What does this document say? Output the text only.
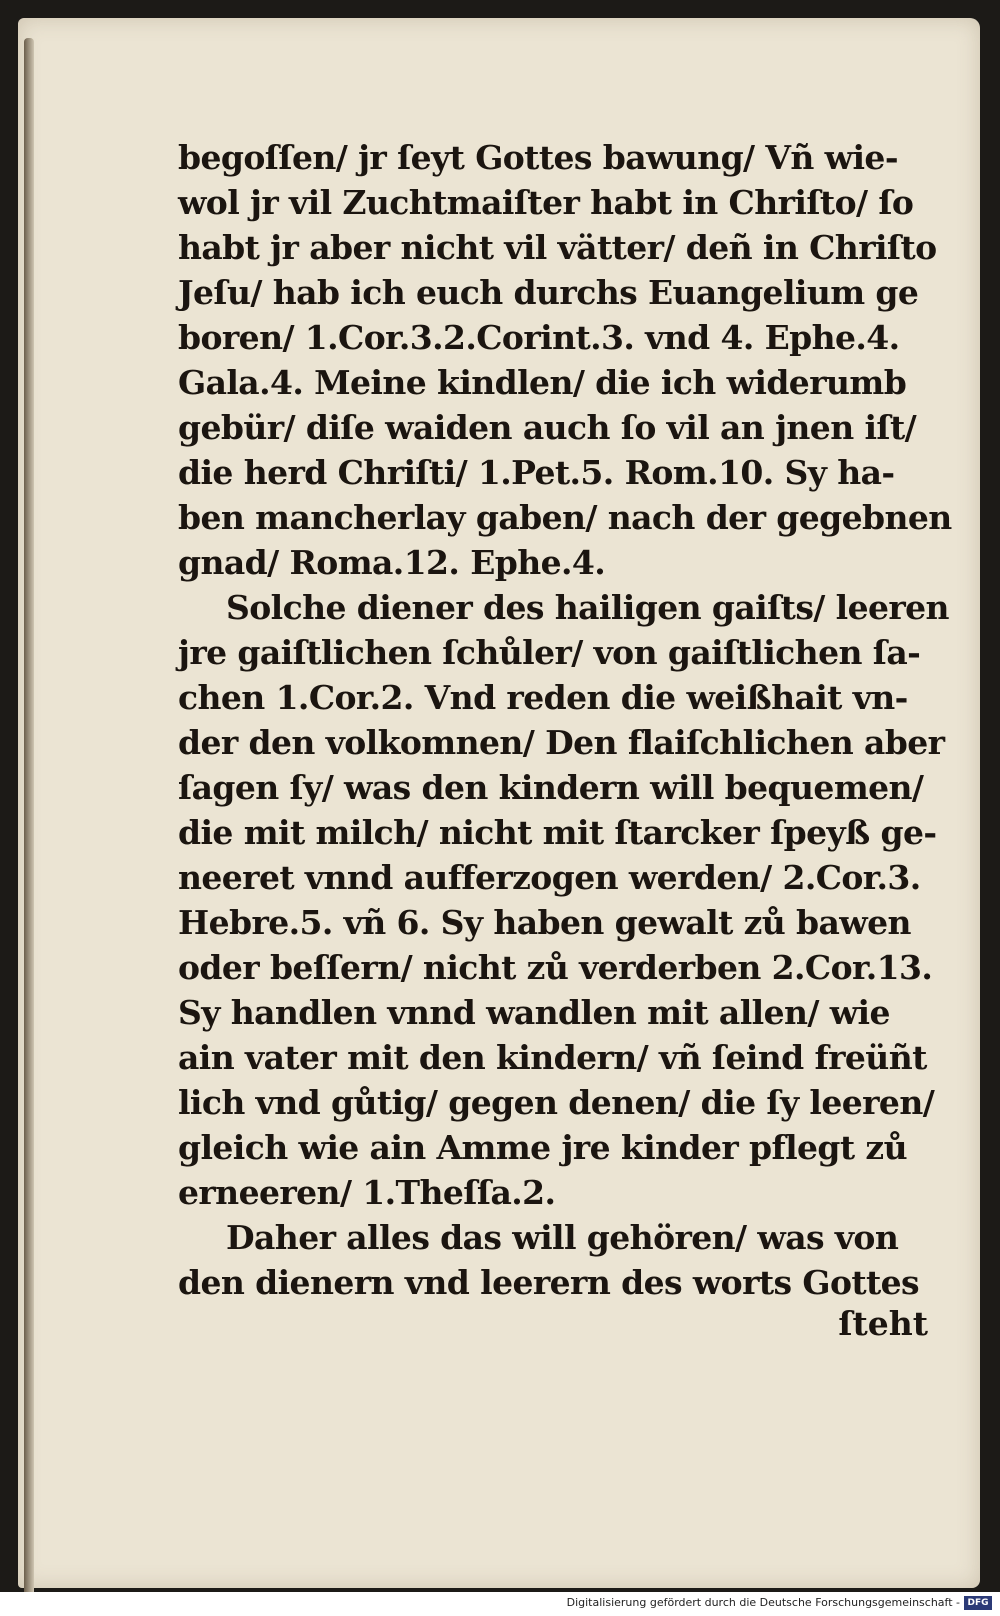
begoſſen/ jr ſeyt Gottes bawung/ Vñ wie-
wol jr vil Zuchtmaiſter habt in Chriſto/ ſo
habt jr aber nicht vil vätter/ deñ in Chriſto
Jeſu/ hab ich euch durchs Euangelium ge
boren/ 1.Cor.3.2.Corint.3. vnd 4. Ephe.4.
Gala.4. Meine kindlen/ die ich widerumb
gebür/ diſe waiden auch ſo vil an jnen iſt/
die herd Chriſti/ 1.Pet.5. Rom.10. Sy ha-
ben mancherlay gaben/ nach der gegebnen
gnad/ Roma.12. Ephe.4.
Solche diener des hailigen gaiſts/ leeren
jre gaiſtlichen ſchůler/ von gaiſtlichen ſa-
chen 1.Cor.2. Vnd reden die weißhait vn-
der den volkomnen/ Den flaiſchlichen aber
ſagen ſy/ was den kindern will bequemen/
die mit milch/ nicht mit ſtarcker ſpeyß ge-
neeret vnnd aufferzogen werden/ 2.Cor.3.
Hebre.5. vñ 6. Sy haben gewalt zů bawen
oder beſſern/ nicht zů verderben 2.Cor.13.
Sy handlen vnnd wandlen mit allen/ wie
ain vater mit den kindern/ vñ ſeind freüñt
lich vnd gůtig/ gegen denen/ die ſy leeren/
gleich wie ain Amme jre kinder pflegt zů
erneeren/ 1.Theſſa.2.
Daher alles das will gehören/ was von
den dienern vnd leerern des worts Gottes
ſteht
Digitalisierung gefördert durch die Deutsche Forschungsgemeinschaft - DFG
